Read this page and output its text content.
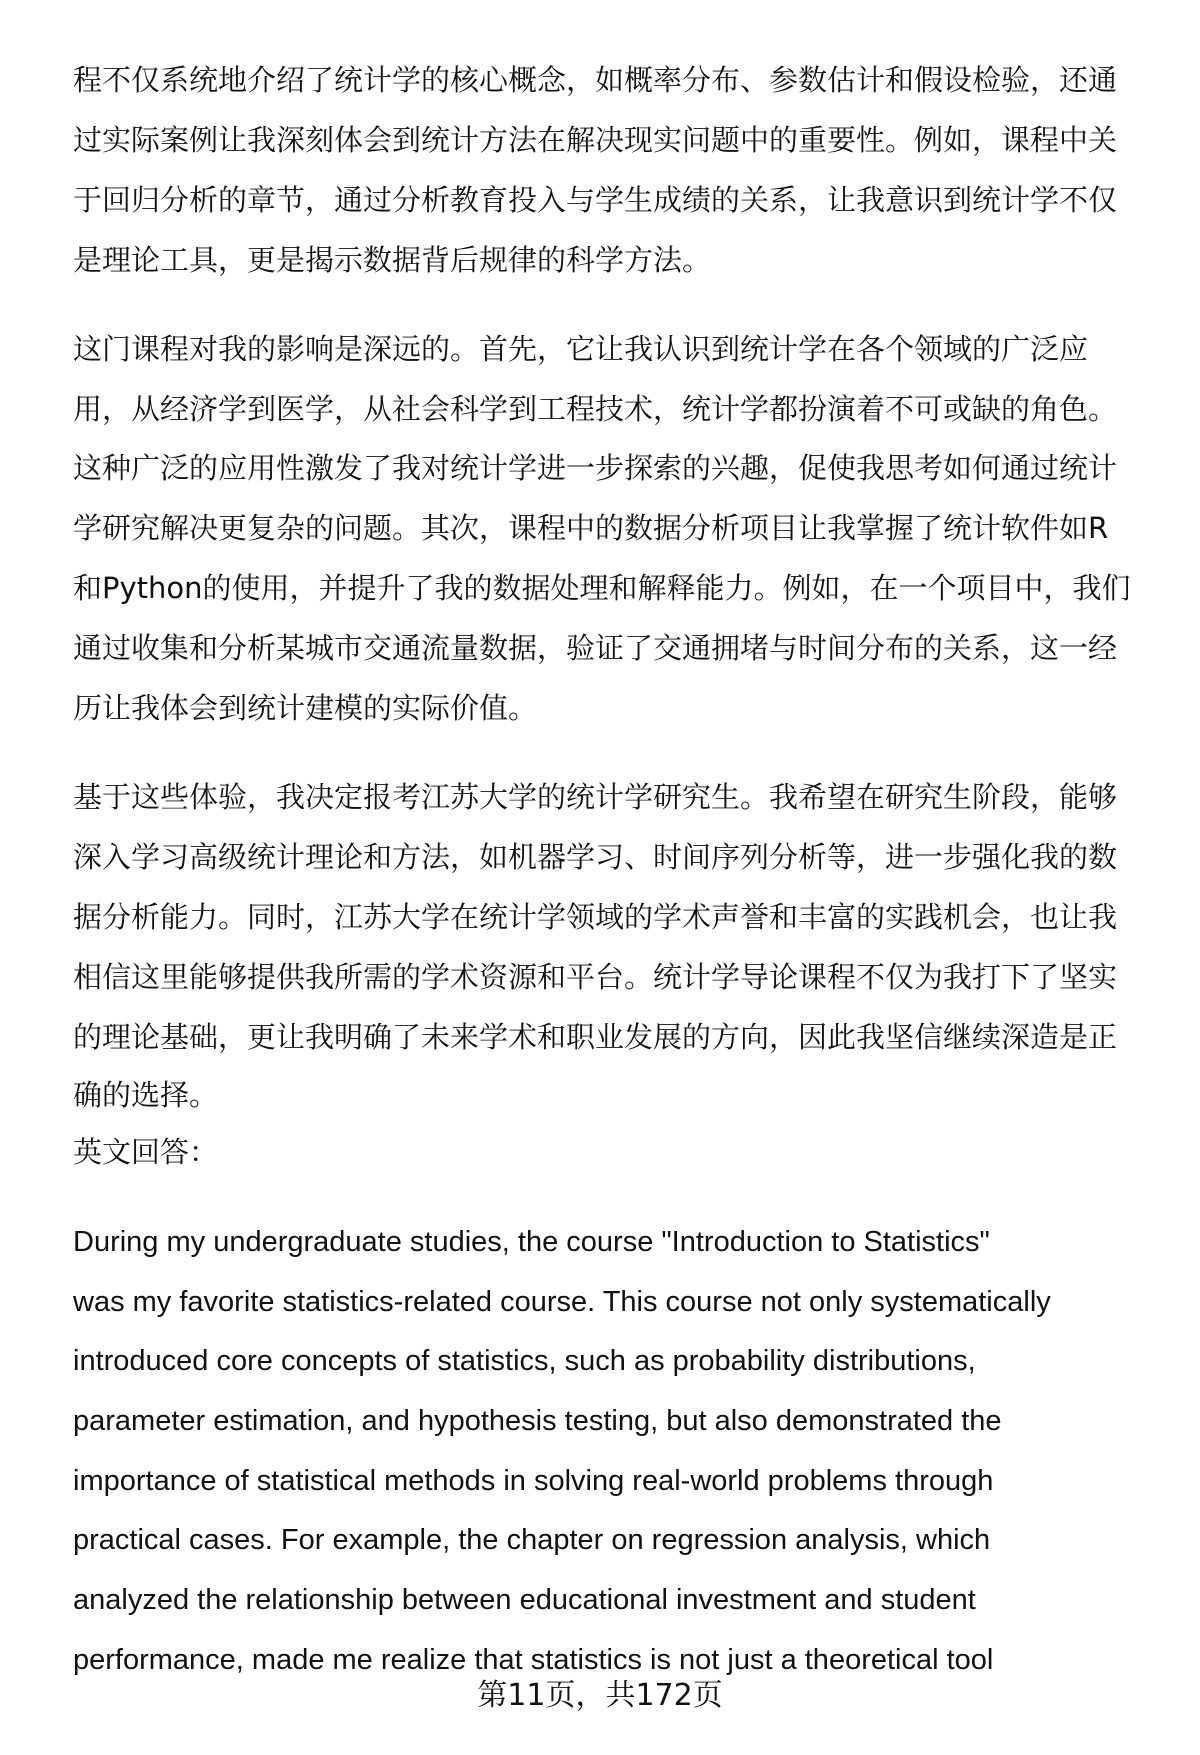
程不仅系统地介绍了统计学的核心概念，如概率分布、参数估计和假设检验，还通
过实际案例让我深刻体会到统计方法在解决现实问题中的重要性。例如，课程中关
于回归分析的章节，通过分析教育投入与学生成绩的关系，让我意识到统计学不仅
是理论工具，更是揭示数据背后规律的科学方法。
这门课程对我的影响是深远的。首先，它让我认识到统计学在各个领域的广泛应
用，从经济学到医学，从社会科学到工程技术，统计学都扮演着不可或缺的角色。
这种广泛的应用性激发了我对统计学进一步探索的兴趣，促使我思考如何通过统计
学研究解决更复杂的问题。其次，课程中的数据分析项目让我掌握了统计软件如R
和Python的使用，并提升了我的数据处理和解释能力。例如，在一个项目中，我们
通过收集和分析某城市交通流量数据，验证了交通拥堵与时间分布的关系，这一经
历让我体会到统计建模的实际价值。
基于这些体验，我决定报考江苏大学的统计学研究生。我希望在研究生阶段，能够
深入学习高级统计理论和方法，如机器学习、时间序列分析等，进一步强化我的数
据分析能力。同时，江苏大学在统计学领域的学术声誉和丰富的实践机会，也让我
相信这里能够提供我所需的学术资源和平台。统计学导论课程不仅为我打下了坚实
的理论基础，更让我明确了未来学术和职业发展的方向，因此我坚信继续深造是正
确的选择。
英文回答：
During my undergraduate studies, the course "Introduction to Statistics"
was my favorite statistics-related course. This course not only systematically
introduced core concepts of statistics, such as probability distributions,
parameter estimation, and hypothesis testing, but also demonstrated the
importance of statistical methods in solving real-world problems through
practical cases. For example, the chapter on regression analysis, which
analyzed the relationship between educational investment and student
performance, made me realize that statistics is not just a theoretical tool
第11页，共172页
